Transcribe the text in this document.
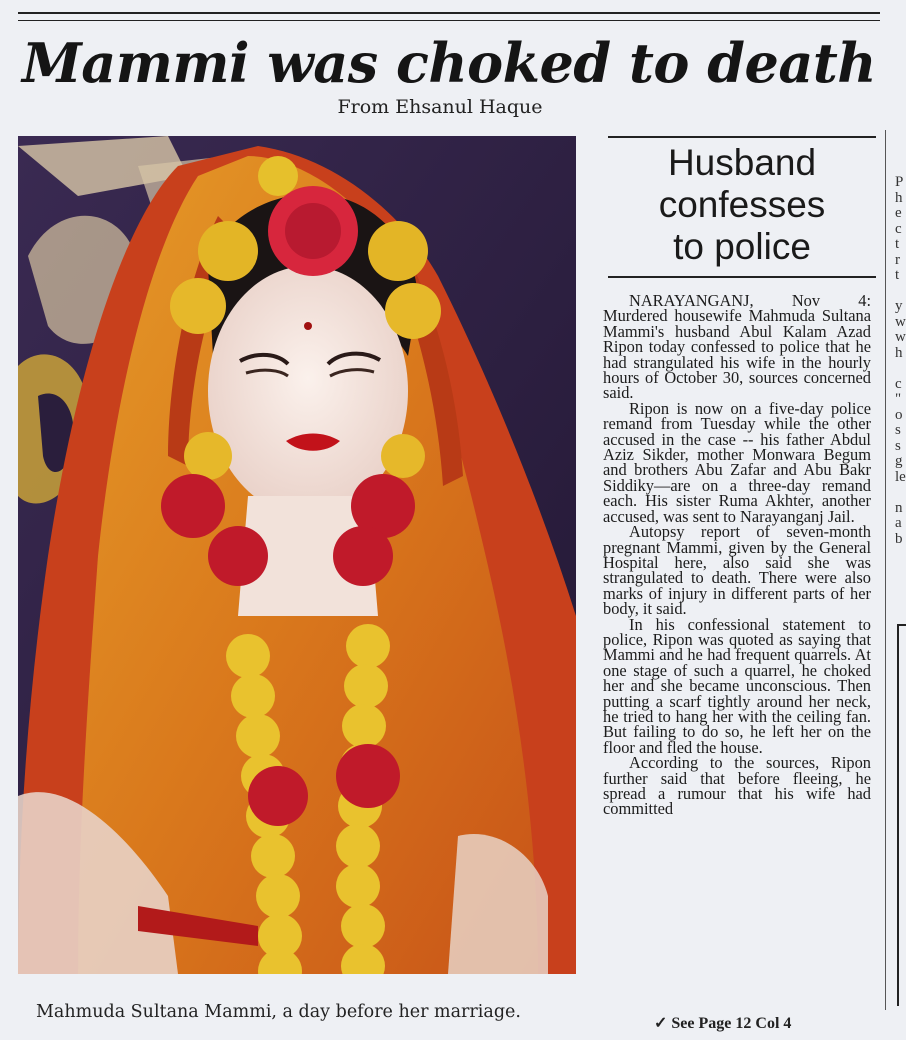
Mammi was choked to death
From Ehsanul Haque
Mahmuda Sultana Mammi, a day before her marriage.
Husband
confesses
to police

NARAYANGANJ, Nov 4: Murdered housewife Mahmuda Sultana Mammi's husband Abul Kalam Azad Ripon today confessed to police that he had strangulated his wife in the hourly hours of October 30, sources concerned said.

Ripon is now on a five-day police remand from Tuesday while the other accused in the case -- his father Abdul Aziz Sikder, mother Monwara Begum and brothers Abu Zafar and Abu Bakr Siddiky—are on a three-day remand each. His sister Ruma Akhter, another accused, was sent to Narayanganj Jail.

Autopsy report of seven-month pregnant Mammi, given by the General Hospital here, also said she was strangulated to death. There were also marks of injury in different parts of her body, it said.

In his confessional statement to police, Ripon was quoted as saying that Mammi and he had frequent quarrels. At one stage of such a quarrel, he choked her and she became unconscious. Then putting a scarf tightly around her neck, he tried to hang her with the ceiling fan. But failing to do so, he left her on the floor and fled the house.

According to the sources, Ripon further said that before fleeing, he spread a rumour that his wife had committed

✓ See Page 12 Col 4
P
h
e
c
t
r
t
y
w
w
h
c
"
o
s
s
g
le
n
a
b
